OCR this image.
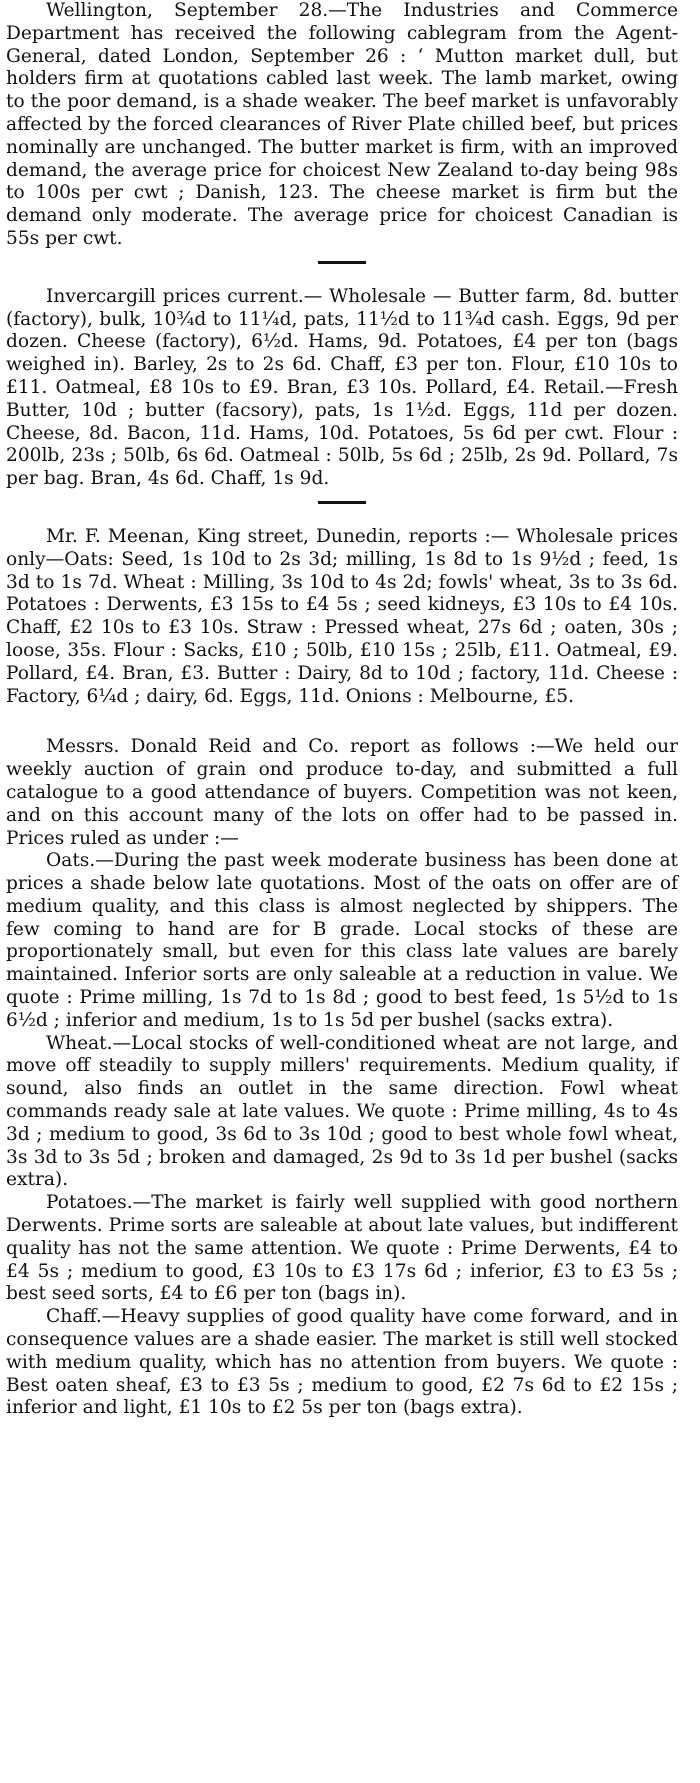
Wellington, September 28.—The Industries and Commerce Department has received the following cablegram from the Agent-General, dated London, September 26 : ‘ Mutton market dull, but holders firm at quotations cabled last week. The lamb market, owing to the poor demand, is a shade weaker. The beef market is unfavorably affected by the forced clearances of River Plate chilled beef, but prices nominally are unchanged. The butter market is firm, with an improved demand, the average price for choicest New Zealand to-day being 98s to 100s per cwt ; Danish, 123. The cheese market is firm but the demand only moderate. The average price for choicest Canadian is 55s per cwt.

Invercargill prices current.— Wholesale — Butter farm, 8d. butter (factory), bulk, 10¾d to 11¼d, pats, 11½d to 11¾d cash. Eggs, 9d per dozen. Cheese (factory), 6½d. Hams, 9d. Potatoes, £4 per ton (bags weighed in). Barley, 2s to 2s 6d. Chaff, £3 per ton. Flour, £10 10s to £11. Oatmeal, £8 10s to £9. Bran, £3 10s. Pollard, £4. Retail.—Fresh Butter, 10d ; butter (facsory), pats, 1s 1½d. Eggs, 11d per dozen. Cheese, 8d. Bacon, 11d. Hams, 10d. Potatoes, 5s 6d per cwt. Flour : 200lb, 23s ; 50lb, 6s 6d. Oatmeal : 50lb, 5s 6d ; 25lb, 2s 9d. Pollard, 7s per bag. Bran, 4s 6d. Chaff, 1s 9d.

Mr. F. Meenan, King street, Dunedin, reports :— Wholesale prices only—Oats: Seed, 1s 10d to 2s 3d; milling, 1s 8d to 1s 9½d ; feed, 1s 3d to 1s 7d. Wheat : Milling, 3s 10d to 4s 2d; fowls' wheat, 3s to 3s 6d. Potatoes : Derwents, £3 15s to £4 5s ; seed kidneys, £3 10s to £4 10s. Chaff, £2 10s to £3 10s. Straw : Pressed wheat, 27s 6d ; oaten, 30s ; loose, 35s. Flour : Sacks, £10 ; 50lb, £10 15s ; 25lb, £11. Oatmeal, £9. Pollard, £4. Bran, £3. Butter : Dairy, 8d to 10d ; factory, 11d. Cheese : Factory, 6¼d ; dairy, 6d. Eggs, 11d. Onions : Melbourne, £5.

Messrs. Donald Reid and Co. report as follows :—We held our weekly auction of grain ond produce to-day, and submitted a full catalogue to a good attendance of buyers. Competition was not keen, and on this account many of the lots on offer had to be passed in. Prices ruled as under :—

Oats.—During the past week moderate business has been done at prices a shade below late quotations. Most of the oats on offer are of medium quality, and this class is almost neglected by shippers. The few coming to hand are for B grade. Local stocks of these are proportionately small, but even for this class late values are barely maintained. Inferior sorts are only saleable at a reduction in value. We quote : Prime milling, 1s 7d to 1s 8d ; good to best feed, 1s 5½d to 1s 6½d ; inferior and medium, 1s to 1s 5d per bushel (sacks extra).

Wheat.—Local stocks of well-conditioned wheat are not large, and move off steadily to supply millers' requirements. Medium quality, if sound, also finds an outlet in the same direction. Fowl wheat commands ready sale at late values. We quote : Prime milling, 4s to 4s 3d ; medium to good, 3s 6d to 3s 10d ; good to best whole fowl wheat, 3s 3d to 3s 5d ; broken and damaged, 2s 9d to 3s 1d per bushel (sacks extra).

Potatoes.—The market is fairly well supplied with good northern Derwents. Prime sorts are saleable at about late values, but indifferent quality has not the same attention. We quote : Prime Derwents, £4 to £4 5s ; medium to good, £3 10s to £3 17s 6d ; inferior, £3 to £3 5s ; best seed sorts, £4 to £6 per ton (bags in).

Chaff.—Heavy supplies of good quality have come forward, and in consequence values are a shade easier. The market is still well stocked with medium quality, which has no attention from buyers. We quote : Best oaten sheaf, £3 to £3 5s ; medium to good, £2 7s 6d to £2 15s ; inferior and light, £1 10s to £2 5s per ton (bags extra).
